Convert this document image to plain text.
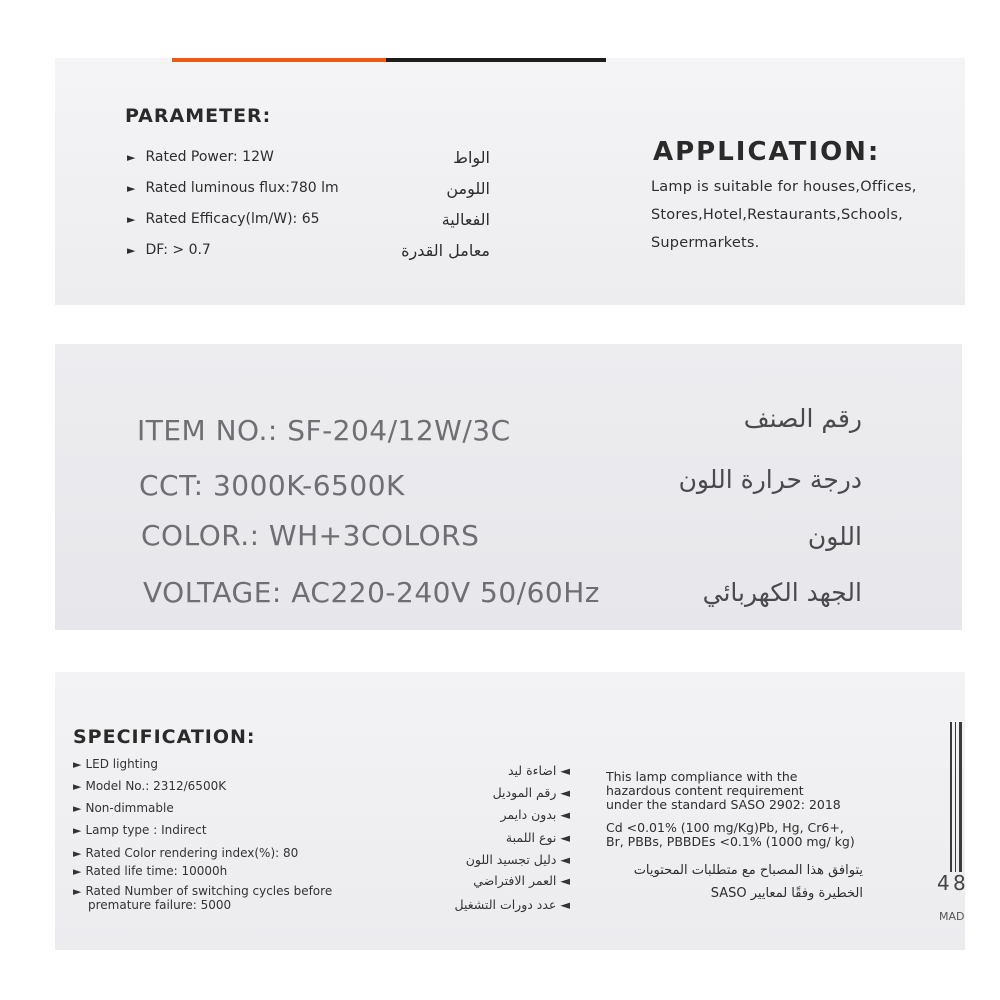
PARAMETER:
► Rated Power: 12W
► Rated luminous flux:780 lm
► Rated Efficacy(lm/W): 65
► DF: > 0.7
الواط
اللومن
الفعالية
معامل القدرة
APPLICATION:
Lamp is suitable for houses,Offices,
Stores,Hotel,Restaurants,Schools,
Supermarkets.
ITEM NO.: SF-204/12W/3C
CCT: 3000K-6500K
COLOR.: WH+3COLORS
VOLTAGE: AC220-240V 50/60Hz
رقم الصنف
درجة حرارة اللون
اللون
الجهد الكهربائي
SPECIFICATION:
► LED lighting
► Model No.: 2312/6500K
► Non-dimmable
► Lamp type : Indirect
► Rated Color rendering index(%): 80
► Rated life time: 10000h
► Rated Number of switching cycles before
premature failure: 5000
◄ اضاءة ليد
◄ رقم الموديل
◄ بدون دايمر
◄ نوع اللمبة
◄ دليل تجسيد اللون
◄ العمر الافتراضي
◄ عدد دورات التشغيل
This lamp compliance with the
hazardous content requirement
under the standard SASO 2902: 2018
Cd <0.01% (100 mg/Kg)Pb, Hg, Cr6+,
Br, PBBs, PBBDEs <0.1% (1000 mg/ kg)
يتوافق هذا المصباح مع متطلبات المحتويات
الخطيرة وفقًا لمعايير SASO	4 8
MAD
